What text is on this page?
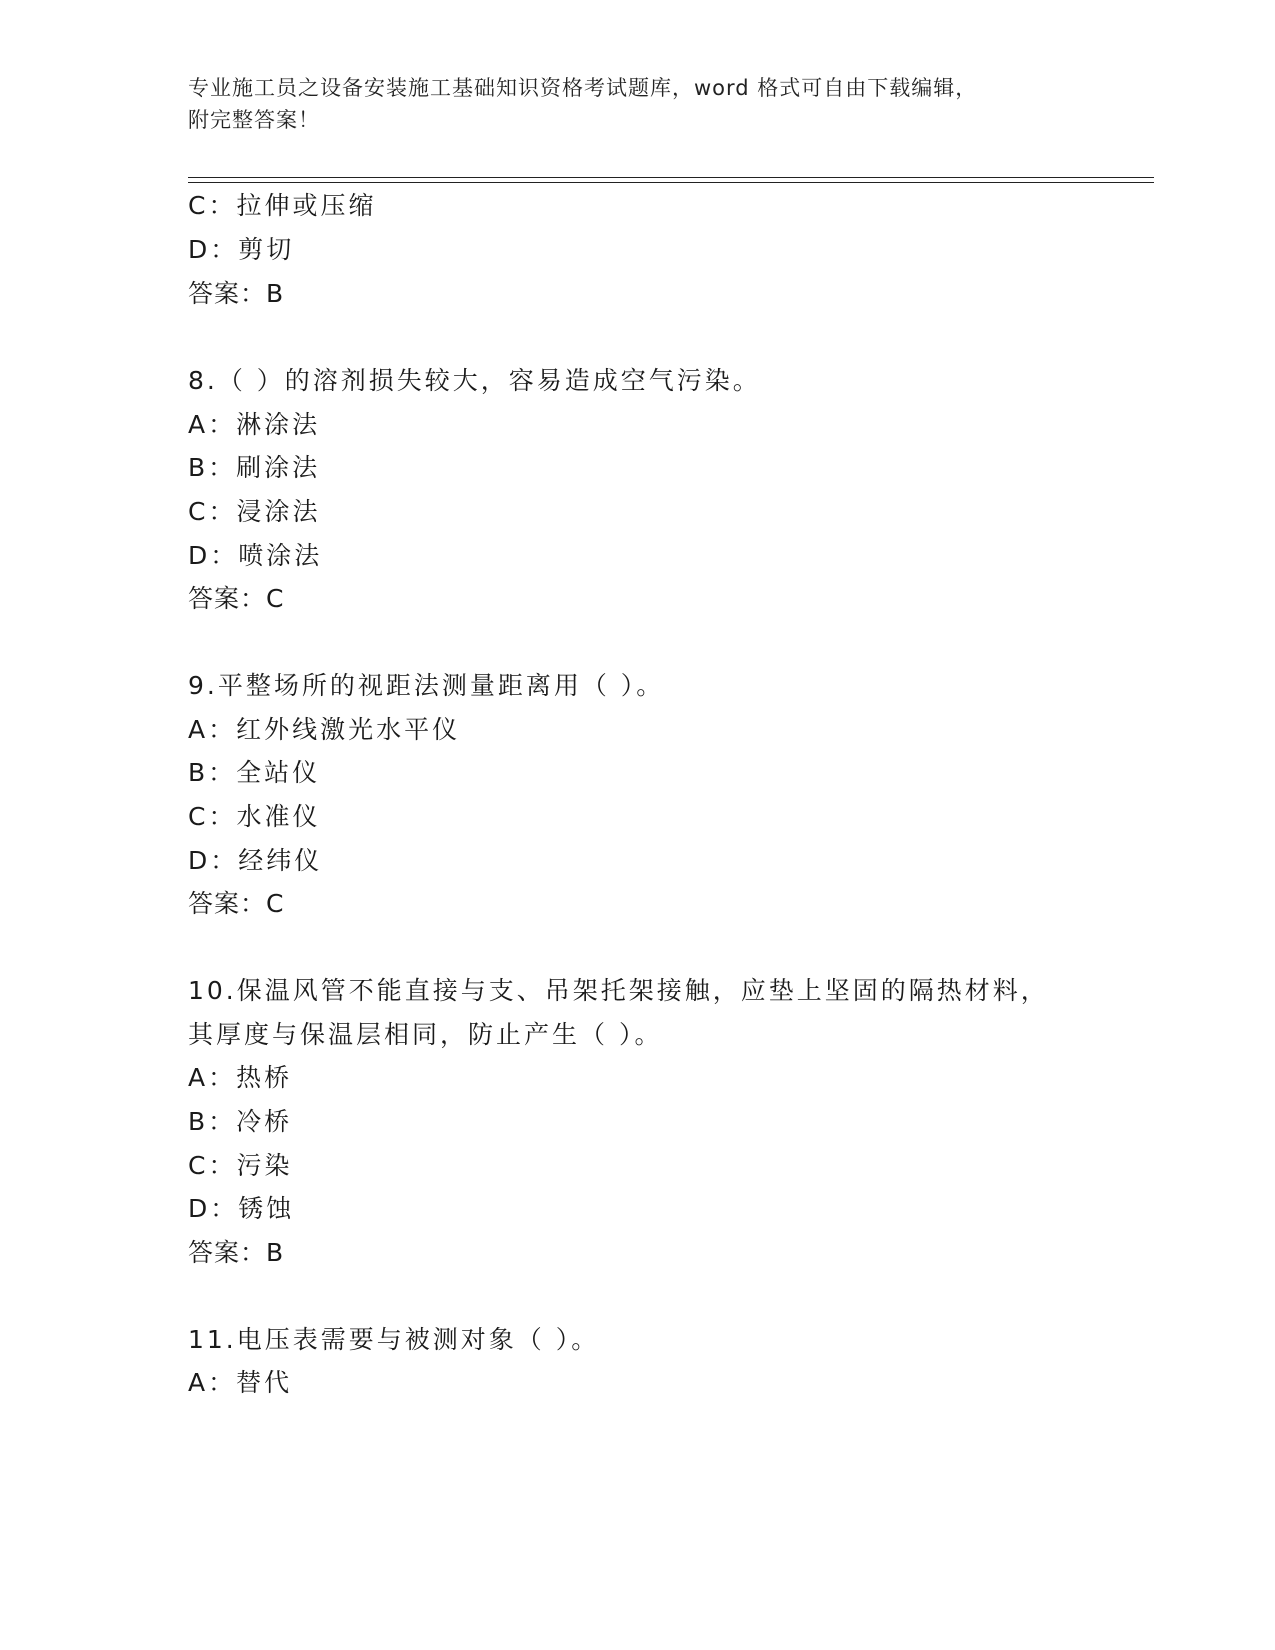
专业施工员之设备安装施工基础知识资格考试题库，word 格式可自由下载编辑，
附完整答案！
C：拉伸或压缩
D：剪切
答案：B
8.（ ）的溶剂损失较大，容易造成空气污染。
A：淋涂法
B：刷涂法
C：浸涂法
D：喷涂法
答案：C
9.平整场所的视距法测量距离用（ ）。
A：红外线激光水平仪
B：全站仪
C：水准仪
D：经纬仪
答案：C
10.保温风管不能直接与支、吊架托架接触，应垫上坚固的隔热材料，
其厚度与保温层相同，防止产生（ ）。
A：热桥
B：冷桥
C：污染
D：锈蚀
答案：B
11.电压表需要与被测对象（ ）。
A：替代
